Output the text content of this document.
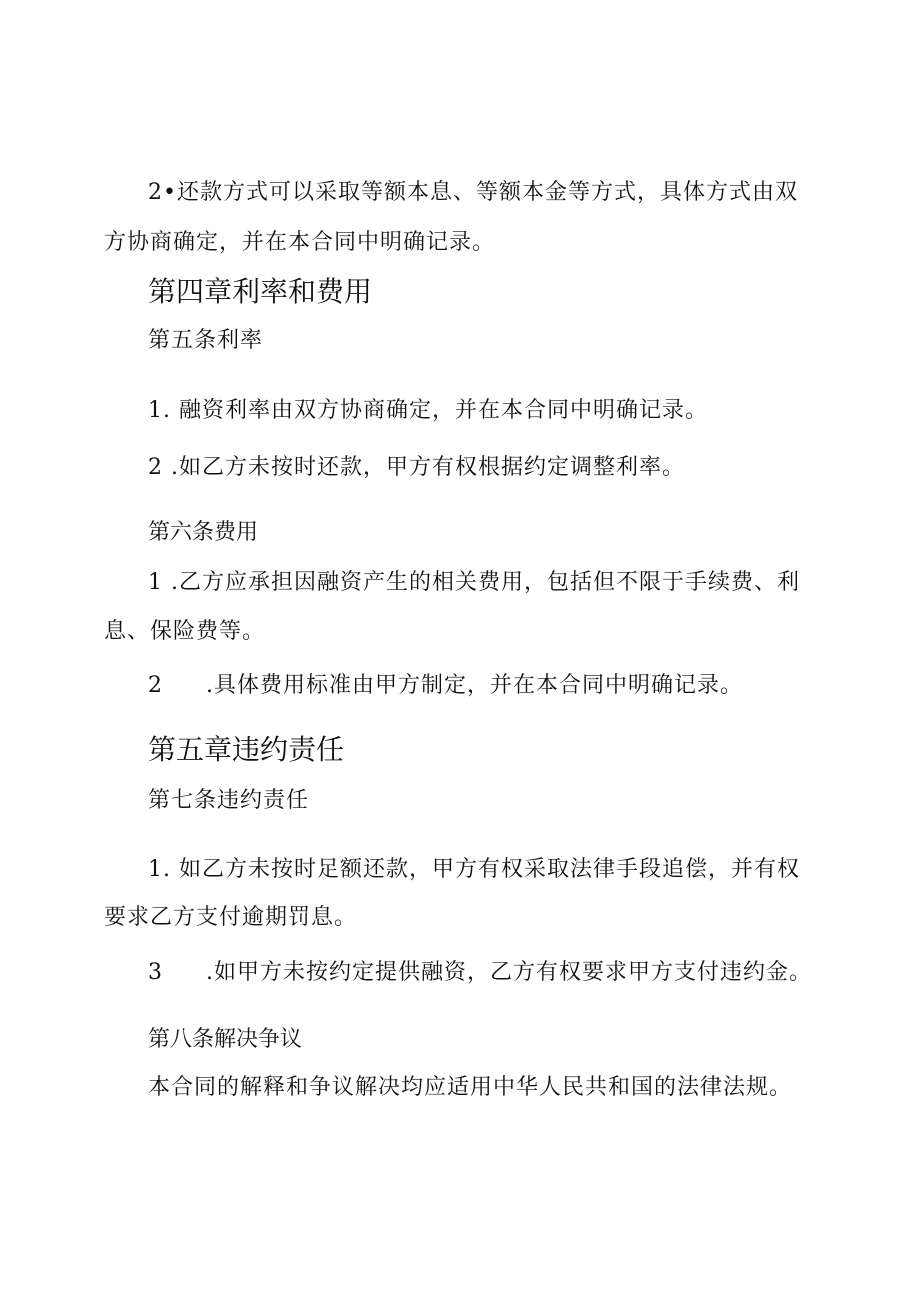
2•还款方式可以采取等额本息、等额本金等方式，具体方式由双
方协商确定，并在本合同中明确记录。
第四章利率和费用
第五条利率
1. 融资利率由双方协商确定，并在本合同中明确记录。
2 .如乙方未按时还款，甲方有权根据约定调整利率。
第六条费用
1 .乙方应承担因融资产生的相关费用，包括但不限于手续费、利
息、保险费等。
2 .具体费用标准由甲方制定，并在本合同中明确记录。
第五章违约责任
第七条违约责任
1. 如乙方未按时足额还款，甲方有权采取法律手段追偿，并有权
要求乙方支付逾期罚息。
3 .如甲方未按约定提供融资，乙方有权要求甲方支付违约金。
第八条解决争议
本合同的解释和争议解决均应适用中华人民共和国的法律法规。
